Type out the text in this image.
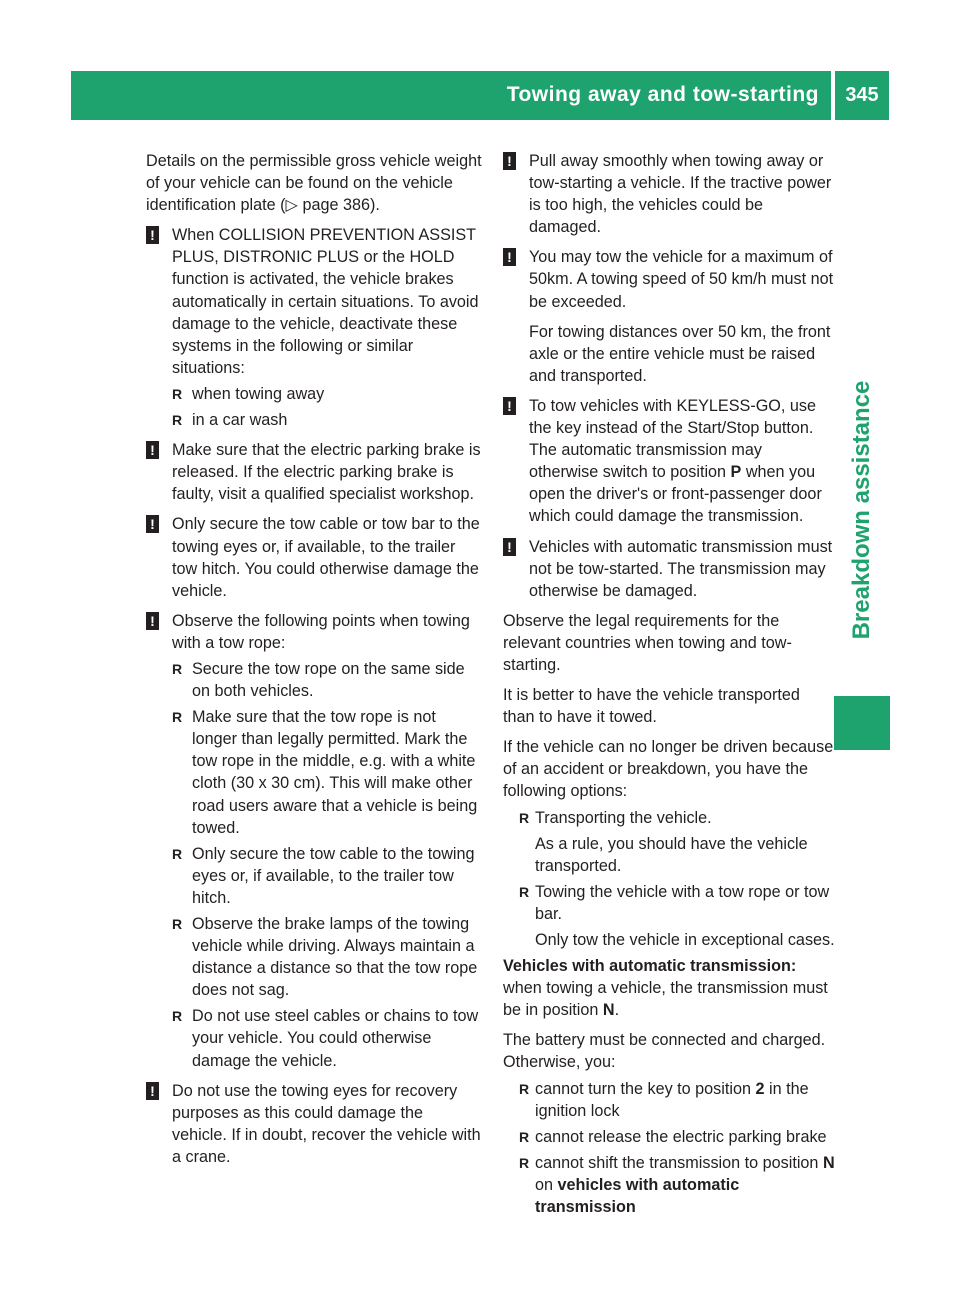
Towing away and tow-starting	345
Breakdown assistance

Details on the permissible gross vehicle weight of your vehicle can be found on the vehicle identification plate (▷ page 386).

! When COLLISION PREVENTION ASSIST PLUS, DISTRONIC PLUS or the HOLD function is activated, the vehicle brakes automatically in certain situations. To avoid damage to the vehicle, deactivate these systems in the following or similar situations:
R when towing away
R in a car wash
! Make sure that the electric parking brake is released. If the electric parking brake is faulty, visit a qualified specialist workshop.
! Only secure the tow cable or tow bar to the towing eyes or, if available, to the trailer tow hitch. You could otherwise damage the vehicle.
! Observe the following points when towing with a tow rope:
R Secure the tow rope on the same side on both vehicles.
R Make sure that the tow rope is not longer than legally permitted. Mark the tow rope in the middle, e.g. with a white cloth (30 x 30 cm). This will make other road users aware that a vehicle is being towed.
R Only secure the tow cable to the towing eyes or, if available, to the trailer tow hitch.
R Observe the brake lamps of the towing vehicle while driving. Always maintain a distance a distance so that the tow rope does not sag.
R Do not use steel cables or chains to tow your vehicle. You could otherwise damage the vehicle.
! Do not use the towing eyes for recovery purposes as this could damage the vehicle. If in doubt, recover the vehicle with a crane.
! Pull away smoothly when towing away or tow-starting a vehicle. If the tractive power is too high, the vehicles could be damaged.
! You may tow the vehicle for a maximum of 50km. A towing speed of 50 km/h must not be exceeded.
For towing distances over 50 km, the front axle or the entire vehicle must be raised and transported.
! To tow vehicles with KEYLESS-GO, use the key instead of the Start/Stop button. The automatic transmission may otherwise switch to position P when you open the driver's or front-passenger door which could damage the transmission.
! Vehicles with automatic transmission must not be tow-started. The transmission may otherwise be damaged.

Observe the legal requirements for the relevant countries when towing and tow-starting.

It is better to have the vehicle transported than to have it towed.

If the vehicle can no longer be driven because of an accident or breakdown, you have the following options:

R Transporting the vehicle.
As a rule, you should have the vehicle transported.
R Towing the vehicle with a tow rope or tow bar.
Only tow the vehicle in exceptional cases.
Vehicles with automatic transmission:

when towing a vehicle, the transmission must be in position N.

The battery must be connected and charged. Otherwise, you:

R cannot turn the key to position 2 in the ignition lock
R cannot release the electric parking brake
R cannot shift the transmission to position N on vehicles with automatic transmission
